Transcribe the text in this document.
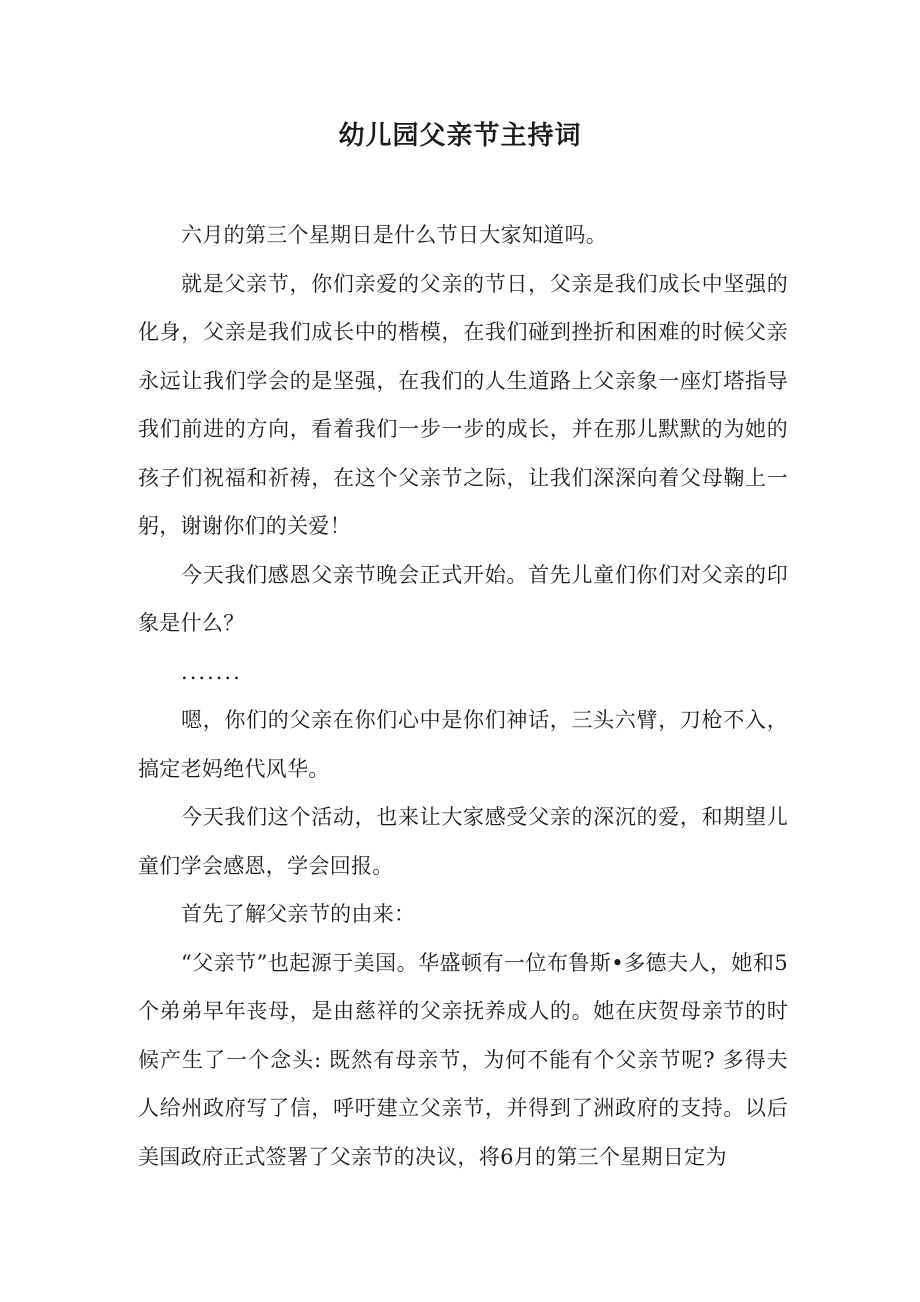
幼儿园父亲节主持词

六月的第三个星期日是什么节日大家知道吗。

就是父亲节，你们亲爱的父亲的节日，父亲是我们成长中坚强的化身，父亲是我们成长中的楷模，在我们碰到挫折和困难的时候父亲永远让我们学会的是坚强，在我们的人生道路上父亲象一座灯塔指导我们前进的方向，看着我们一步一步的成长，并在那儿默默的为她的孩子们祝福和祈祷，在这个父亲节之际，让我们深深向着父母鞠上一躬，谢谢你们的关爱！

今天我们感恩父亲节晚会正式开始。首先儿童们你们对父亲的印象是什么？

.......

嗯，你们的父亲在你们心中是你们神话，三头六臂，刀枪不入，搞定老妈绝代风华。

今天我们这个活动，也来让大家感受父亲的深沉的爱，和期望儿童们学会感恩，学会回报。

首先了解父亲节的由来：

“父亲节”也起源于美国。华盛顿有一位布鲁斯•多德夫人，她和5个弟弟早年丧母，是由慈祥的父亲抚养成人的。她在庆贺母亲节的时候产生了一个念头: 既然有母亲节，为何不能有个父亲节呢? 多得夫人给州政府写了信，呼吁建立父亲节，并得到了洲政府的支持。以后美国政府正式签署了父亲节的决议，将6月的第三个星期日定为
